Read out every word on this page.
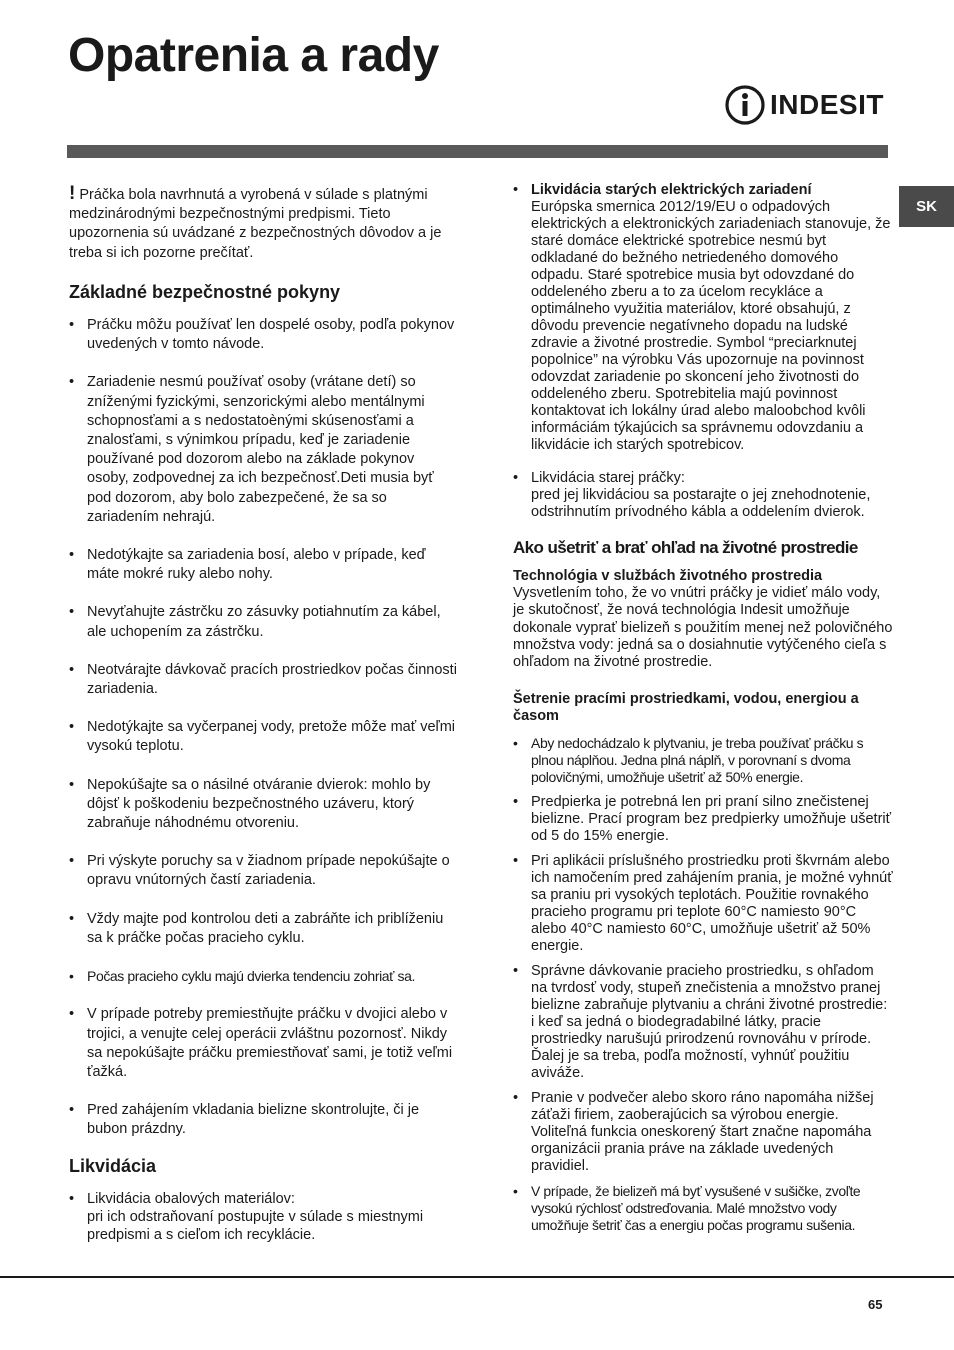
Opatrenia a rady
INDESIT
SK

! Práčka bola navrhnutá a vyrobená v súlade s platnými medzinárodnými bezpečnostnými predpismi. Tieto upozornenia sú uvádzané z bezpečnostných dôvodov a je treba si ich pozorne prečítať.

Základné bezpečnostné pokyny
• Práčku môžu používať len dospelé osoby, podľa pokynov uvedených v tomto návode.
• Zariadenie nesmú používať osoby (vrátane detí) so zníženými fyzickými, senzorickými alebo mentálnymi schopnosťami a s nedostatoènými skúsenosťami a znalosťami, s výnimkou prípadu, keď je zariadenie používané pod dozorom alebo na základe pokynov osoby, zodpovednej za ich bezpečnosť.Deti musia byť pod dozorom, aby bolo zabezpečené, že sa so zariadením nehrajú.
• Nedotýkajte sa zariadenia bosí, alebo v prípade, keď máte mokré ruky alebo nohy.
• Nevyťahujte zástrčku zo zásuvky potiahnutím za kábel, ale uchopením za zástrčku.
• Neotvárajte dávkovač pracích prostriedkov počas činnosti zariadenia.
• Nedotýkajte sa vyčerpanej vody, pretože môže mať veľmi vysokú teplotu.
• Nepokúšajte sa o násilné otváranie dvierok: mohlo by dôjsť k poškodeniu bezpečnostného uzáveru, ktorý zabraňuje náhodnému otvoreniu.
• Pri výskyte poruchy sa v žiadnom prípade nepokúšajte o opravu vnútorných častí zariadenia.
• Vždy majte pod kontrolou deti a zabráňte ich priblíženiu sa k práčke počas pracieho cyklu.
• Počas pracieho cyklu majú dvierka tendenciu zohriať sa.
• V prípade potreby premiestňujte práčku v dvojici alebo v trojici, a venujte celej operácii zvláštnu pozornosť. Nikdy sa nepokúšajte práčku premiestňovať sami, je totiž veľmi ťažká.
• Pred zahájením vkladania bielizne skontrolujte, či je bubon prázdny.
Likvidácia
• Likvidácia obalových materiálov:
pri ich odstraňovaní postupujte v súlade s miestnymi predpismi a s cieľom ich recyklácie.
• Likvidácia starých elektrických zariadení
Európska smernica 2012/19/EU o odpadových elektrických a elektronických zariadeniach stanovuje, že staré domáce elektrické spotrebice nesmú byt odkladané do bežného netriedeného domového odpadu. Staré spotrebice musia byt odovzdané do oddeleného zberu a to za úcelom recykláce a optimálneho využitia materiálov, ktoré obsahujú, z dôvodu prevencie negatívneho dopadu na ludské zdravie a životné prostredie. Symbol “preciarknutej popolnice” na výrobku Vás upozornuje na povinnost odovzdat zariadenie po skoncení jeho životnosti do oddeleného zberu. Spotrebitelia majú povinnost kontaktovat ich lokálny úrad alebo maloobchod kvôli informáciám týkajúcich sa správnemu odovzdaniu a likvidácie ich starých spotrebicov.
• Likvidácia starej práčky:
pred jej likvidáciou sa postarajte o jej znehodnotenie, odstrihnutím prívodného kábla a oddelením dvierok.
Ako ušetriť a brať ohľad na životné prostredie

Technológia v službách životného prostredia

Vysvetlením toho, že vo vnútri práčky je vidieť málo vody, je skutočnosť, že nová technológia Indesit umožňuje dokonale vyprať bielizeň s použitím menej než polovičného množstva vody: jedná sa o dosiahnutie vytýčeného cieľa s ohľadom na životné prostredie.

Šetrenie pracími prostriedkami, vodou, energiou a časom

• Aby nedochádzalo k plytvaniu, je treba používať práčku s plnou náplňou. Jedna plná náplň, v porovnaní s dvoma polovičnými, umožňuje ušetriť až 50% energie.
• Predpierka je potrebná len pri praní silno znečistenej bielizne. Prací program bez predpierky umožňuje ušetriť od 5 do 15% energie.
• Pri aplikácii príslušného prostriedku proti škvrnám alebo ich namočením pred zahájením prania, je možné vyhnúť sa praniu pri vysokých teplotách. Použitie rovnakého pracieho programu pri teplote 60°C namiesto 90°C alebo 40°C namiesto 60°C, umožňuje ušetriť až 50% energie.
• Správne dávkovanie pracieho prostriedku, s ohľadom na tvrdosť vody, stupeň znečistenia a množstvo pranej bielizne zabraňuje plytvaniu a chráni životné prostredie: i keď sa jedná o biodegradabilné látky, pracie prostriedky narušujú prirodzenú rovnováhu v prírode. Ďalej je sa treba, podľa možností, vyhnúť použitiu aviváže.
• Pranie v podvečer alebo skoro ráno napomáha nižšej záťaži firiem, zaoberajúcich sa výrobou energie. Voliteľná funkcia oneskorený štart značne napomáha organizácii prania práve na základe uvedených pravidiel.
• V prípade, že bielizeň má byť vysušené v sušičke, zvoľte vysokú rýchlosť odstreďovania. Malé množstvo vody umožňuje šetriť čas a energiu počas programu sušenia.
65
